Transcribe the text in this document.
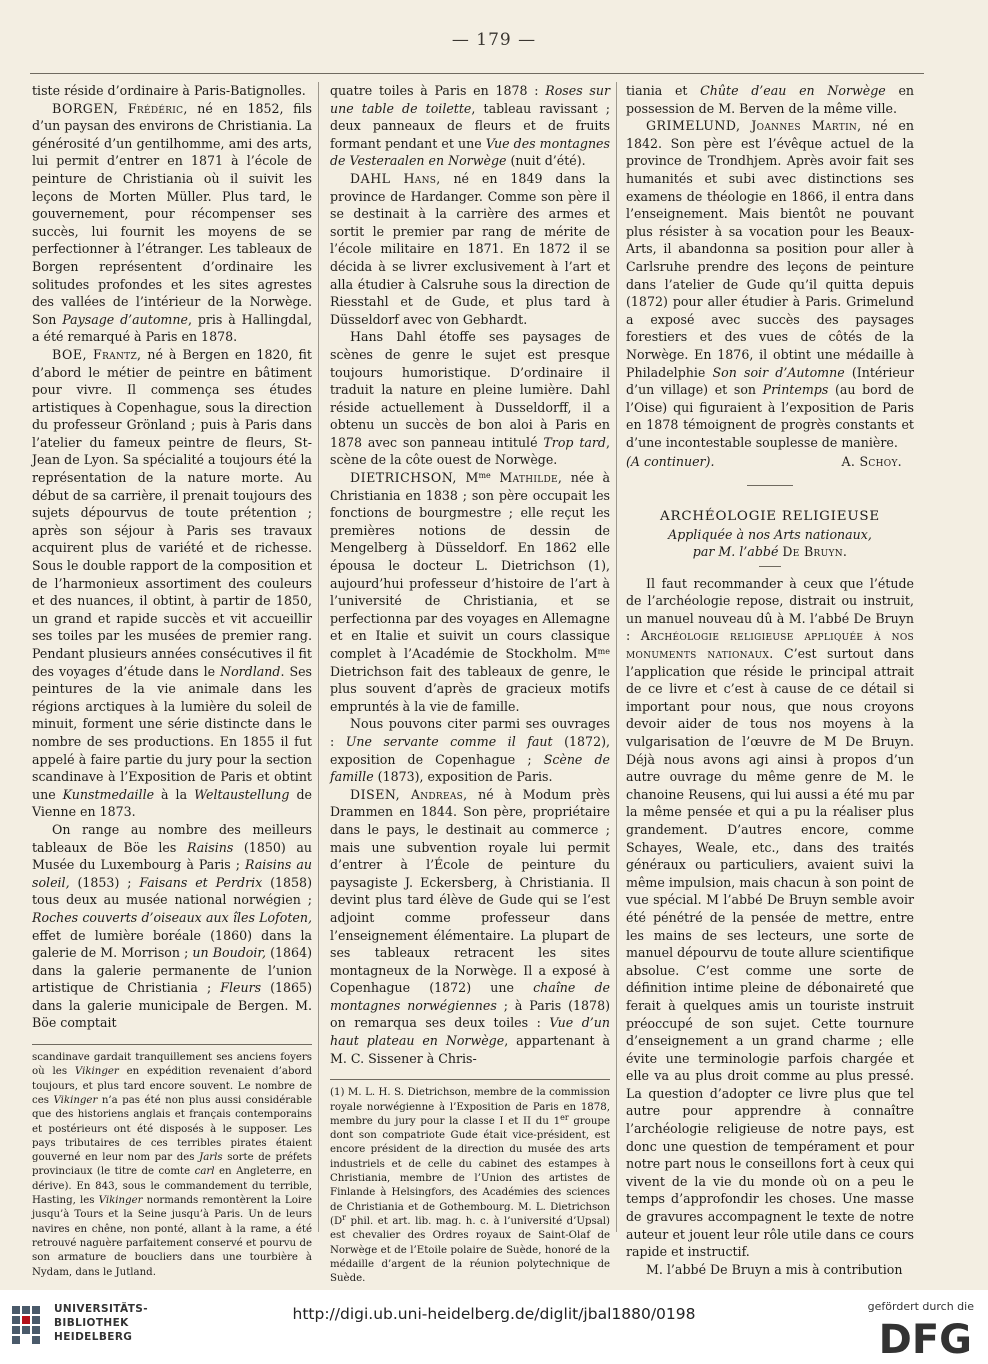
— 179 —

tiste réside d’ordinaire à Paris-Batignolles.

BORGEN, Frédéric, né en 1852, fils d’un paysan des environs de Christiania. La générosité d’un gentilhomme, ami des arts, lui permit d’entrer en 1871 à l’école de peinture de Christiania où il suivit les leçons de Morten Müller. Plus tard, le gouvernement, pour récompenser ses succès, lui fournit les moyens de se perfectionner à l’étranger. Les tableaux de Borgen représentent d’ordinaire les solitudes profondes et les sites agrestes des vallées de l’intérieur de la Norwège. Son Paysage d’automne, pris à Hallingdal, a été remarqué à Paris en 1878.

BOE, Frantz, né à Bergen en 1820, fit d’abord le métier de peintre en bâtiment pour vivre. Il commença ses études artistiques à Copenhague, sous la direction du professeur Grönland ; puis à Paris dans l’atelier du fameux peintre de fleurs, St-Jean de Lyon. Sa spécialité a toujours été la représentation de la nature morte. Au début de sa carrière, il prenait toujours des sujets dépourvus de toute prétention ; après son séjour à Paris ses travaux acquirent plus de variété et de richesse. Sous le double rapport de la composition et de l’harmonieux assortiment des couleurs et des nuances, il obtint, à partir de 1850, un grand et rapide succès et vit accueillir ses toiles par les musées de premier rang. Pendant plusieurs années consécutives il fit des voyages d’étude dans le Nordland. Ses peintures de la vie animale dans les régions arctiques à la lumière du soleil de minuit, forment une série distincte dans le nombre de ses productions. En 1855 il fut appelé à faire partie du jury pour la section scandinave à l’Exposition de Paris et obtint une Kunstmedaille à la Weltaustellung de Vienne en 1873.

On range au nombre des meilleurs tableaux de Böe les Raisins (1850) au Musée du Luxembourg à Paris ; Raisins au soleil, (1853) ; Faisans et Perdrix (1858) tous deux au musée national norwégien ; Roches couverts d’oiseaux aux îles Lofoten, effet de lumière boréale (1860) dans la galerie de M. Morrison ; un Boudoir, (1864) dans la galerie permanente de l’union artistique de Christiania ; Fleurs (1865) dans la galerie municipale de Bergen. M. Böe comptait

scandinave gardait tranquillement ses anciens foyers où les Vikinger en expédition revenaient d’abord toujours, et plus tard encore souvent. Le nombre de ces Vikinger n’a pas été non plus aussi considérable que des historiens anglais et français contemporains et postérieurs ont été disposés à le supposer. Les pays tributaires de ces terribles pirates étaient gouverné en leur nom par des Jarls sorte de préfets provinciaux (le titre de comte carl en Angleterre, en dérive). En 843, sous le commandement du terrible, Hasting, les Vikinger normands remontèrent la Loire jusqu’à Tours et la Seine jusqu’à Paris. Un de leurs navires en chêne, non ponté, allant à la rame, a été retrouvé naguère parfaitement conservé et pourvu de son armature de boucliers dans une tourbière à Nydam, dans le Jutland.

quatre toiles à Paris en 1878 : Roses sur une table de toilette, tableau ravissant ; deux panneaux de fleurs et de fruits formant pendant et une Vue des montagnes de Vesteraalen en Norwège (nuit d’été).

DAHL Hans, né en 1849 dans la province de Hardanger. Comme son père il se destinait à la carrière des armes et sortit le premier par rang de mérite de l’école militaire en 1871. En 1872 il se décida à se livrer exclusivement à l’art et alla étudier à Calsruhe sous la direction de Riesstahl et de Gude, et plus tard à Düsseldorf avec von Gebhardt.

Hans Dahl étoffe ses paysages de scènes de genre le sujet est presque toujours humoristique. D’ordinaire il traduit la nature en pleine lumière. Dahl réside actuellement à Dusseldorff, il a obtenu un succès de bon aloi à Paris en 1878 avec son panneau intitulé Trop tard, scène de la côte ouest de Norwège.

DIETRICHSON, $M^{me}$ Mathilde, née à Christiania en 1838 ; son père occupait les fonctions de bourgmestre ; elle reçut les premières notions de dessin de Mengelberg à Düsseldorf. En 1862 elle épousa le docteur L. Dietrichson (1), aujourd’hui professeur d’histoire de l’art à l’université de Christiania, et se perfectionna par des voyages en Allemagne et en Italie et suivit un cours classique complet à l’Académie de Stockholm. $M^{me}$ Dietrichson fait des tableaux de genre, le plus souvent d’après de gracieux motifs empruntés à la vie de famille.

Nous pouvons citer parmi ses ouvrages : Une servante comme il faut (1872), exposition de Copenhague ; Scène de famille (1873), exposition de Paris.

DISEN, Andreas, né à Modum près Drammen en 1844. Son père, propriétaire dans le pays, le destinait au commerce ; mais une subvention royale lui permit d’entrer à l’École de peinture du paysagiste J. Eckersberg, à Christiania. Il devint plus tard élève de Gude qui se l’est adjoint comme professeur dans l’enseignement élémentaire. La plupart de ses tableaux retracent les sites montagneux de la Norwège. Il a exposé à Copenhague (1872) une chaîne de montagnes norwégiennes ; à Paris (1878) on remarqua ses deux toiles : Vue d’un haut plateau en Norwège, appartenant à M. C. Sissener à Chris-

(1) M. L. H. S. Dietrichson, membre de la commission royale norwégienne à l’Exposition de Paris en 1878, membre du jury pour la classe I et II du 1er groupe dont son compatriote Gude était vice-président, est encore président de la direction du musée des arts industriels et de celle du cabinet des estampes à Christiania, membre de l’Union des artistes de Finlande à Helsingfors, des Académies des sciences de Christiania et de Gothembourg. M. L. Dietrichson ($D^r$ phil. et art. lib. mag. h. c. à l’université d’Upsal) est chevalier des Ordres royaux de Saint-Olaf de Norwège et de l’Etoile polaire de Suède, honoré de la médaille d’argent de la réunion polytechnique de Suède.

tiania et Chûte d’eau en Norwège en possession de M. Berven de la même ville.

GRIMELUND, Joannes Martin, né en 1842. Son père est l’évêque actuel de la province de Trondhjem. Après avoir fait ses humanités et subi avec distinctions ses examens de théologie en 1866, il entra dans l’enseignement. Mais bientôt ne pouvant plus résister à sa vocation pour les Beaux-Arts, il abandonna sa position pour aller à Carlsruhe prendre des leçons de peinture dans l’atelier de Gude qu’il quitta depuis (1872) pour aller étudier à Paris. Grimelund a exposé avec succès des paysages forestiers et des vues de côtés de la Norwège. En 1876, il obtint une médaille à Philadelphie Son soir d’Automne (Intérieur d’un village) et son Printemps (au bord de l’Oise) qui figuraient à l’exposition de Paris en 1878 témoignent de progrès constants et d’une incontestable souplesse de manière.

(A continuer).	A. Schoy.
ARCHÉOLOGIE RELIGIEUSE
Appliquée à nos Arts nationaux,
par M. l’abbé De Bruyn.

Il faut recommander à ceux que l’étude de l’archéologie repose, distrait ou instruit, un manuel nouveau dû à M. l’abbé De Bruyn : Archéologie religieuse appliquée à nos monuments nationaux. C’est surtout dans l’application que réside le principal attrait de ce livre et c’est à cause de ce détail si important pour nous, que nous croyons devoir aider de tous nos moyens à la vulgarisation de l’œuvre de M De Bruyn. Déjà nous avons agi ainsi à propos d’un autre ouvrage du même genre de M. le chanoine Reusens, qui lui aussi a été mu par la même pensée et qui a pu la réaliser plus grandement. D’autres encore, comme Schayes, Weale, etc., dans des traités généraux ou particuliers, avaient suivi la même impulsion, mais chacun à son point de vue spécial. M l’abbé De Bruyn semble avoir été pénétré de la pensée de mettre, entre les mains de ses lecteurs, une sorte de manuel dépourvu de toute allure scientifique absolue. C’est comme une sorte de définition intime pleine de débonaireté que ferait à quelques amis un touriste instruit préoccupé de son sujet. Cette tournure d’enseignement a un grand charme ; elle évite une terminologie parfois chargée et elle va au plus droit comme au plus pressé. La question d’adopter ce livre plus que tel autre pour apprendre à connaître l’archéologie religieuse de notre pays, est donc une question de tempérament et pour notre part nous le conseillons fort à ceux qui vivent de la vie du monde où on a peu le temps d’approfondir les choses. Une masse de gravures accompagnent le texte de notre auteur et jouent leur rôle utile dans ce cours rapide et instructif.

M. l’abbé De Bruyn a mis à contribution

UNIVERSITÄTS-
BIBLIOTHEK
HEIDELBERG
http://digi.ub.uni-heidelberg.de/diglit/jbal1880/0198	gefördert durch die
DFG
